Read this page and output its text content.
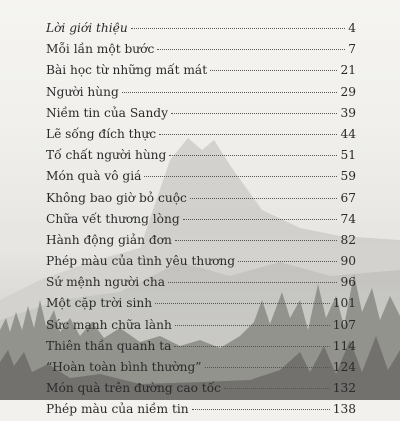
Lời giới thiệu	4
Mỗi lần một bước	7
Bài học từ những mất mát	21
Người hùng	29
Niềm tin của Sandy	39
Lẽ sống đích thực	44
Tố chất người hùng	51
Món quà vô giá	59
Không bao giờ bỏ cuộc	67
Chữa vết thương lòng	74
Hành động giản đơn	82
Phép màu của tình yêu thương	90
Sứ mệnh người cha	96
Một cặp trời sinh	101
Sức mạnh chữa lành	107
Thiên thần quanh ta	114
“Hoàn toàn bình thường”	124
Món quà trên đường cao tốc	132
Phép màu của niềm tin	138
